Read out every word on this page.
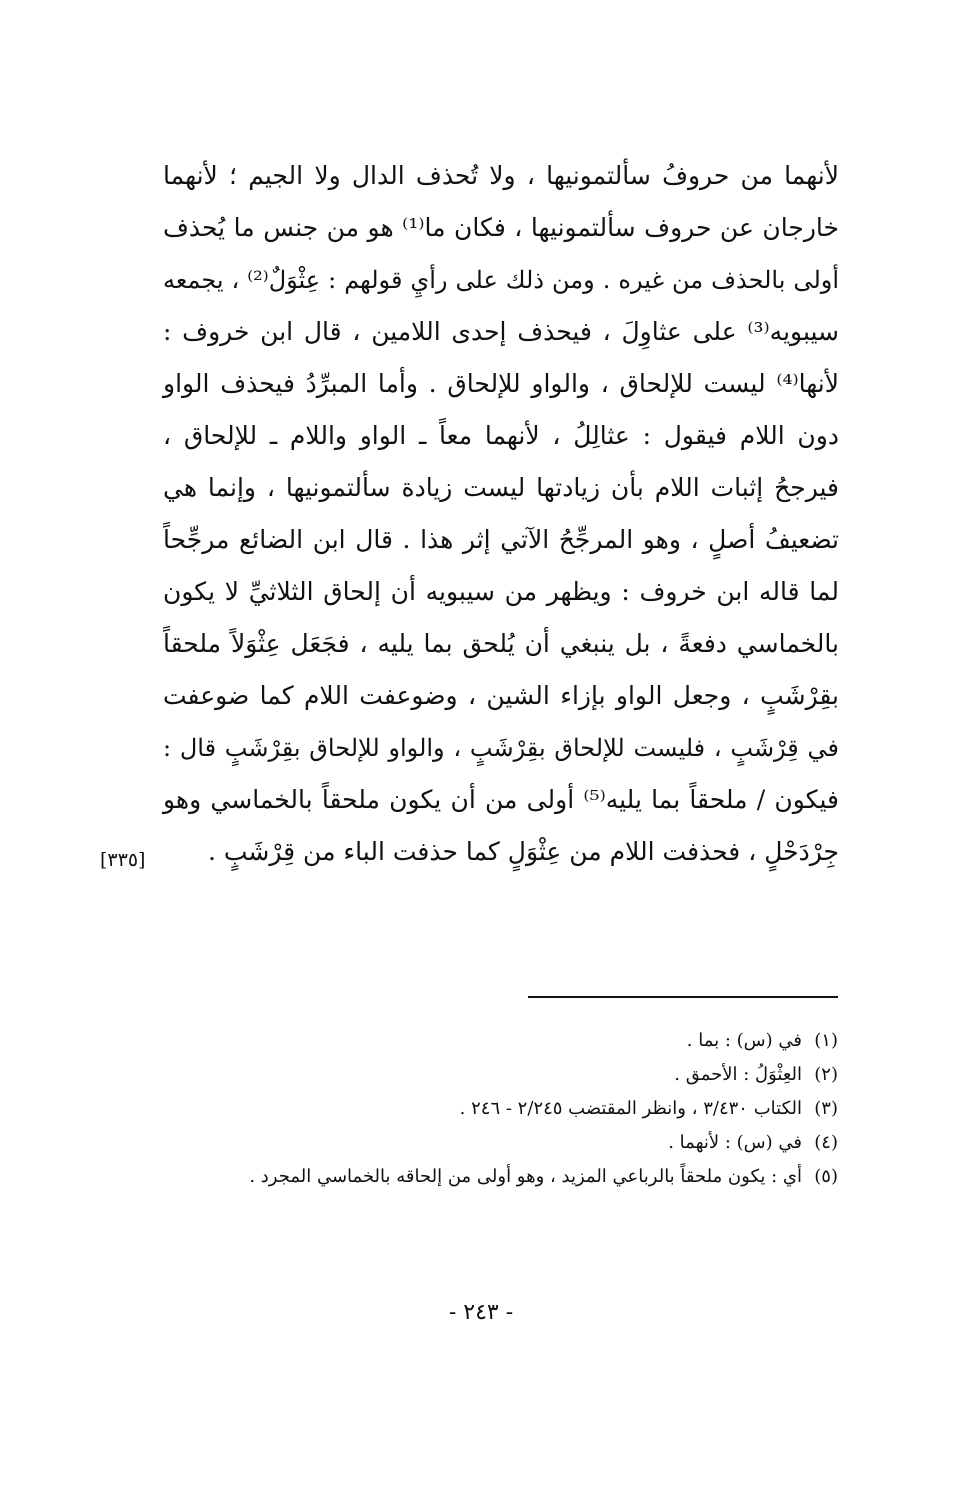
لأنهما من حروفُ سألتمونيها ، ولا تُحذف الدال ولا الجيم ؛ لأنهما
خارجان عن حروف سألتمونيها ، فكان ما⁽¹⁾ هو من جنس ما يُحذف
أولى بالحذف من غيره . ومن ذلك على رأيِ قولهم : عِثْوَلٌ⁽²⁾ ، يجمعه
سيبويه⁽³⁾ على عثاوِلَ ، فيحذف إحدى اللامين ، قال ابن خروف :
لأنها⁽⁴⁾ ليست للإلحاق ، والواو للإلحاق . وأما المبرِّدُ فيحذف الواو
دون اللام فيقول : عثالِلُ ، لأنهما معاً ـ الواو واللام ـ للإلحاق ،
فيرجحُ إثبات اللام بأن زيادتها ليست زيادة سألتمونيها ، وإنما هي
تضعيفُ أصلٍ ، وهو المرجِّحُ الآتي إثر هذا . قال ابن الضائع مرجِّحاً
لما قاله ابن خروف : ويظهر من سيبويه أن إلحاق الثلاثيِّ لا يكون
بالخماسي دفعةً ، بل ينبغي أن يُلحق بما يليه ، فجَعَل عِثْوَلاً ملحقاً
بقِرْشَبٍ ، وجعل الواو بإزاء الشين ، وضوعفت اللام كما ضوعفت
في قِرْشَبٍ ، فليست للإلحاق بقِرْشَبٍ ، والواو للإلحاق بقِرْشَبٍ قال :
فيكون / ملحقاً بما يليه⁽⁵⁾ أولى من أن يكون ملحقاً بالخماسي وهو
جِرْدَحْلٍ ، فحذفت اللام من عِثْوَلٍ كما حذفت الباء من قِرْشَبٍ .
[٣٣٥]
(١)
في (س) : بما .
(٢)
العِثْوَلُ : الأحمق .
(٣)
الكتاب ٣/٤٣٠ ، وانظر المقتضب ٢/٢٤٥ - ٢٤٦ .
(٤)
في (س) : لأنهما .
(٥)
أي : يكون ملحقاً بالرباعي المزيد ، وهو أولى من إلحاقه بالخماسي المجرد .
- ٢٤٣ -
